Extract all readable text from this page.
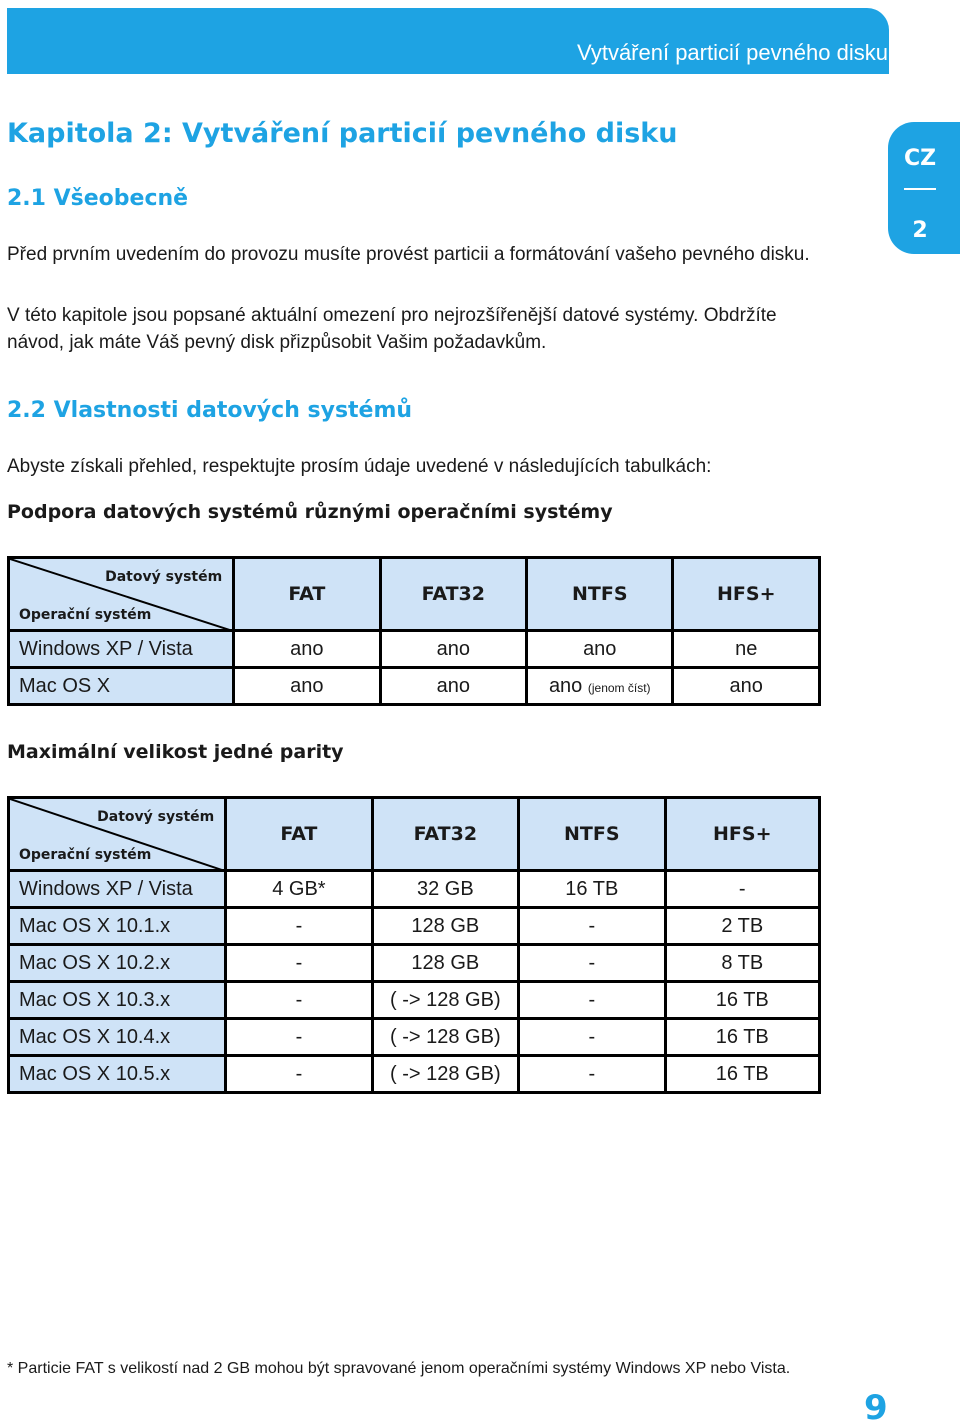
Vytváření particií pevného disku
CZ
2
Kapitola 2: Vytváření particií pevného disku
2.1 Všeobecně

Před prvním uvedením do provozu musíte provést particii a formátování vašeho pevného disku.

V této kapitole jsou popsané aktuální omezení pro nejrozšířenější datové systémy. Obdržíte návod, jak máte Váš pevný disk přizpůsobit Vašim požadavkům.

2.2 Vlastnosti datových systémů

Abyste získali přehled, respektujte prosím údaje uvedené v následujících tabulkách:

Podpora datových systémů různými operačními systémy
Datový systém
Operační systém	FAT	FAT32	NTFS	HFS+
Windows XP / Vista	ano	ano	ano	ne
Mac OS X	ano	ano	ano (jenom číst)	ano
Maximální velikost jedné parity
Datový systém
Operační systém	FAT	FAT32	NTFS	HFS+
Windows XP / Vista	4 GB*	32 GB	16 TB	-
Mac OS X 10.1.x	-	128 GB	-	2 TB
Mac OS X 10.2.x	-	128 GB	-	8 TB
Mac OS X 10.3.x	-	( -> 128 GB)	-	16 TB
Mac OS X 10.4.x	-	( -> 128 GB)	-	16 TB
Mac OS X 10.5.x	-	( -> 128 GB)	-	16 TB

* Particie FAT s velikostí nad 2 GB mohou být spravované jenom operačními systémy Windows XP nebo Vista.

9
